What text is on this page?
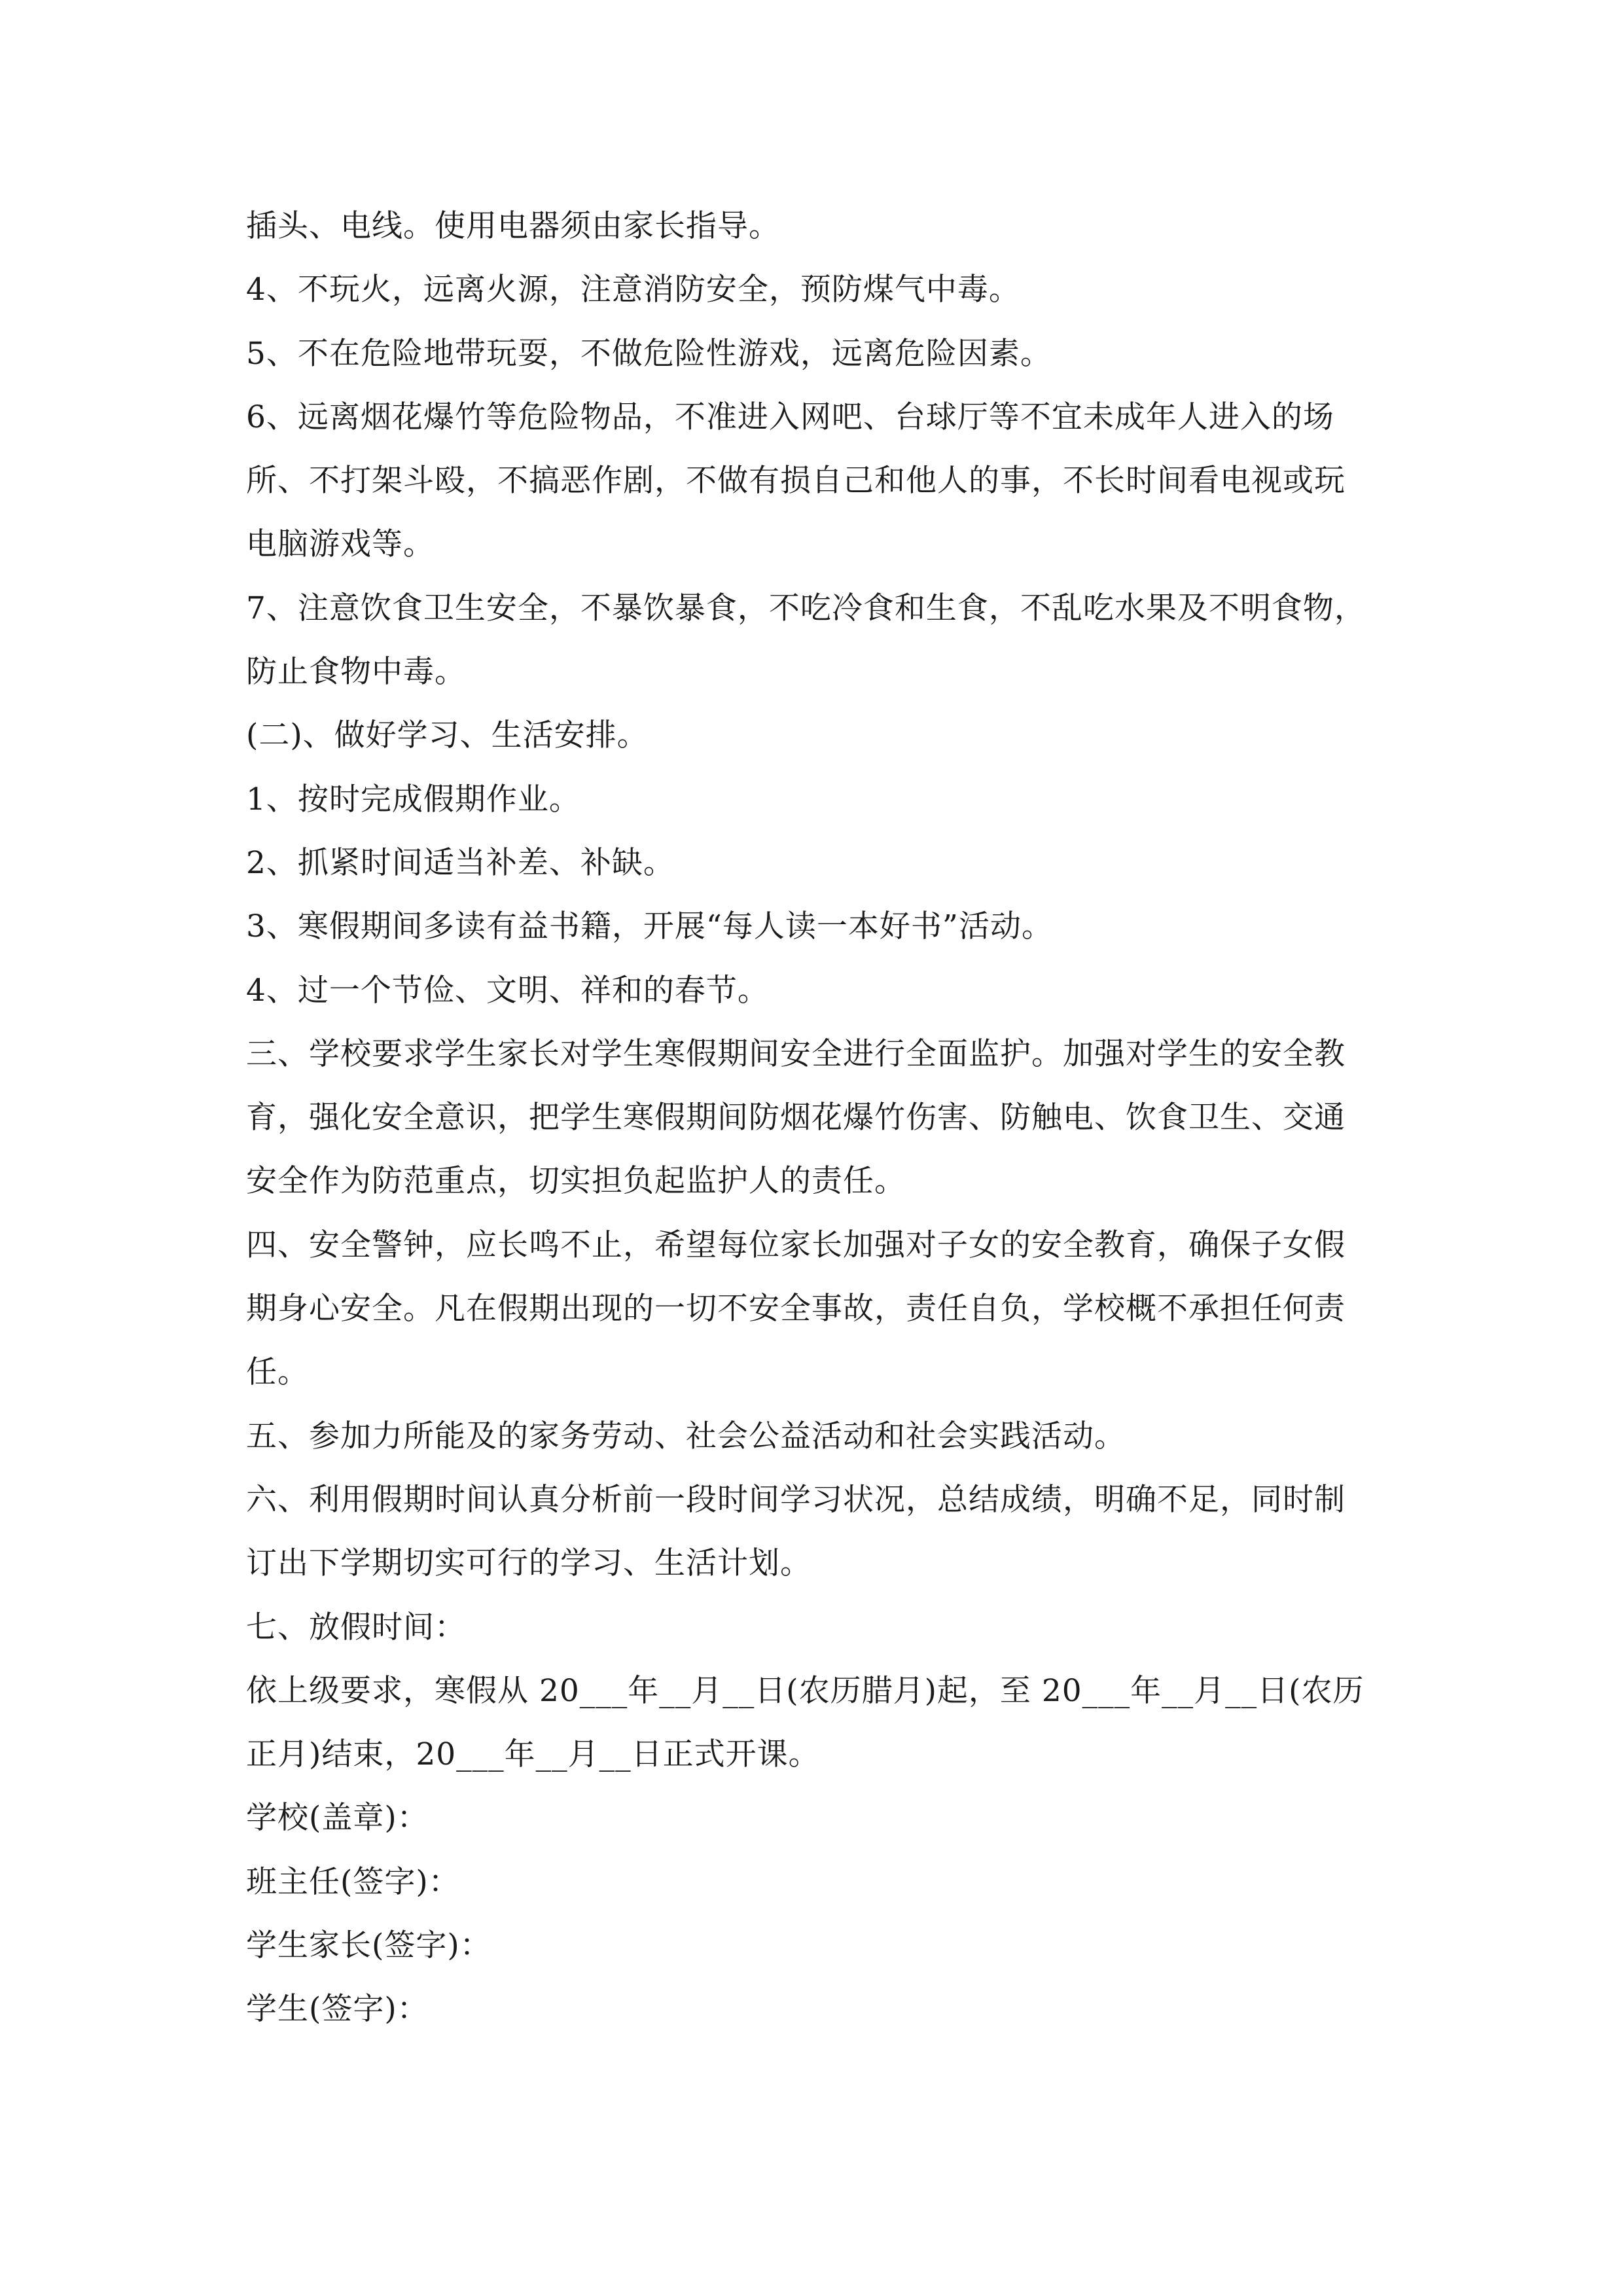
插头、电线。使用电器须由家长指导。
4、不玩火，远离火源，注意消防安全，预防煤气中毒。
5、不在危险地带玩耍，不做危险性游戏，远离危险因素。
6、远离烟花爆竹等危险物品，不准进入网吧、台球厅等不宜未成年人进入的场
所、不打架斗殴，不搞恶作剧，不做有损自己和他人的事，不长时间看电视或玩
电脑游戏等。
7、注意饮食卫生安全，不暴饮暴食，不吃冷食和生食，不乱吃水果及不明食物，
防止食物中毒。
(二)、做好学习、生活安排。
1、按时完成假期作业。
2、抓紧时间适当补差、补缺。
3、寒假期间多读有益书籍，开展“每人读一本好书”活动。
4、过一个节俭、文明、祥和的春节。
三、学校要求学生家长对学生寒假期间安全进行全面监护。加强对学生的安全教
育，强化安全意识，把学生寒假期间防烟花爆竹伤害、防触电、饮食卫生、交通
安全作为防范重点，切实担负起监护人的责任。
四、安全警钟，应长鸣不止，希望每位家长加强对子女的安全教育，确保子女假
期身心安全。凡在假期出现的一切不安全事故，责任自负，学校概不承担任何责
任。
五、参加力所能及的家务劳动、社会公益活动和社会实践活动。
六、利用假期时间认真分析前一段时间学习状况，总结成绩，明确不足，同时制
订出下学期切实可行的学习、生活计划。
七、放假时间：
依上级要求，寒假从 20___年__月__日(农历腊月)起，至 20___年__月__日(农历
正月)结束，20___年__月__日正式开课。
学校(盖章)：
班主任(签字)：
学生家长(签字)：
学生(签字)：
